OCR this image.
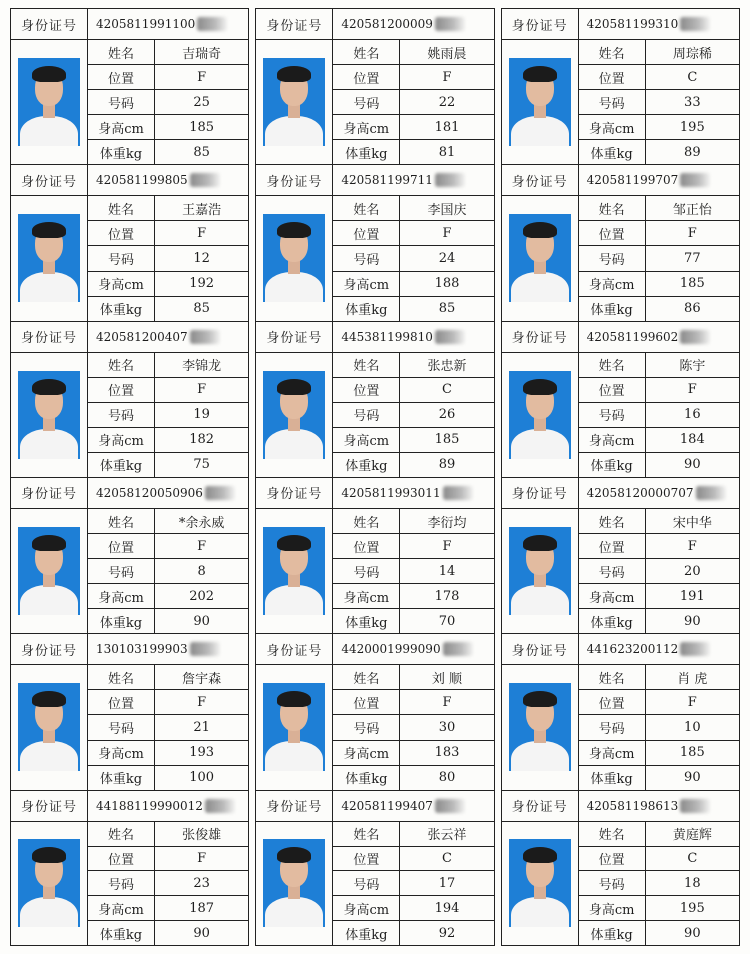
身份证号	4205811991100
姓名	吉瑞奇
位置	F
号码	25
身高cm	185
体重kg	85
身份证号	420581200009
姓名	姚雨晨
位置	F
号码	22
身高cm	181
体重kg	81
身份证号	420581199310
姓名	周琮稀
位置	C
号码	33
身高cm	195
体重kg	89
身份证号	420581199805
姓名	王嘉浩
位置	F
号码	12
身高cm	192
体重kg	85
身份证号	420581199711
姓名	李国庆
位置	F
号码	24
身高cm	188
体重kg	85
身份证号	420581199707
姓名	邹正怡
位置	F
号码	77
身高cm	185
体重kg	86
身份证号	420581200407
姓名	李锦龙
位置	F
号码	19
身高cm	182
体重kg	75
身份证号	445381199810
姓名	张忠新
位置	C
号码	26
身高cm	185
体重kg	89
身份证号	420581199602
姓名	陈宇
位置	F
号码	16
身高cm	184
体重kg	90
身份证号	42058120050906
姓名	*余永威
位置	F
号码	8
身高cm	202
体重kg	90
身份证号	4205811993011
姓名	李衍均
位置	F
号码	14
身高cm	178
体重kg	70
身份证号	42058120000707
姓名	宋中华
位置	F
号码	20
身高cm	191
体重kg	90
身份证号	130103199903
姓名	詹宇森
位置	F
号码	21
身高cm	193
体重kg	100
身份证号	4420001999090
姓名	刘 顺
位置	F
号码	30
身高cm	183
体重kg	80
身份证号	441623200112
姓名	肖 虎
位置	F
号码	10
身高cm	185
体重kg	90
身份证号	44188119990012
姓名	张俊雄
位置	F
号码	23
身高cm	187
体重kg	90
身份证号	420581199407
姓名	张云祥
位置	C
号码	17
身高cm	194
体重kg	92
身份证号	420581198613
姓名	黄庭辉
位置	C
号码	18
身高cm	195
体重kg	90
